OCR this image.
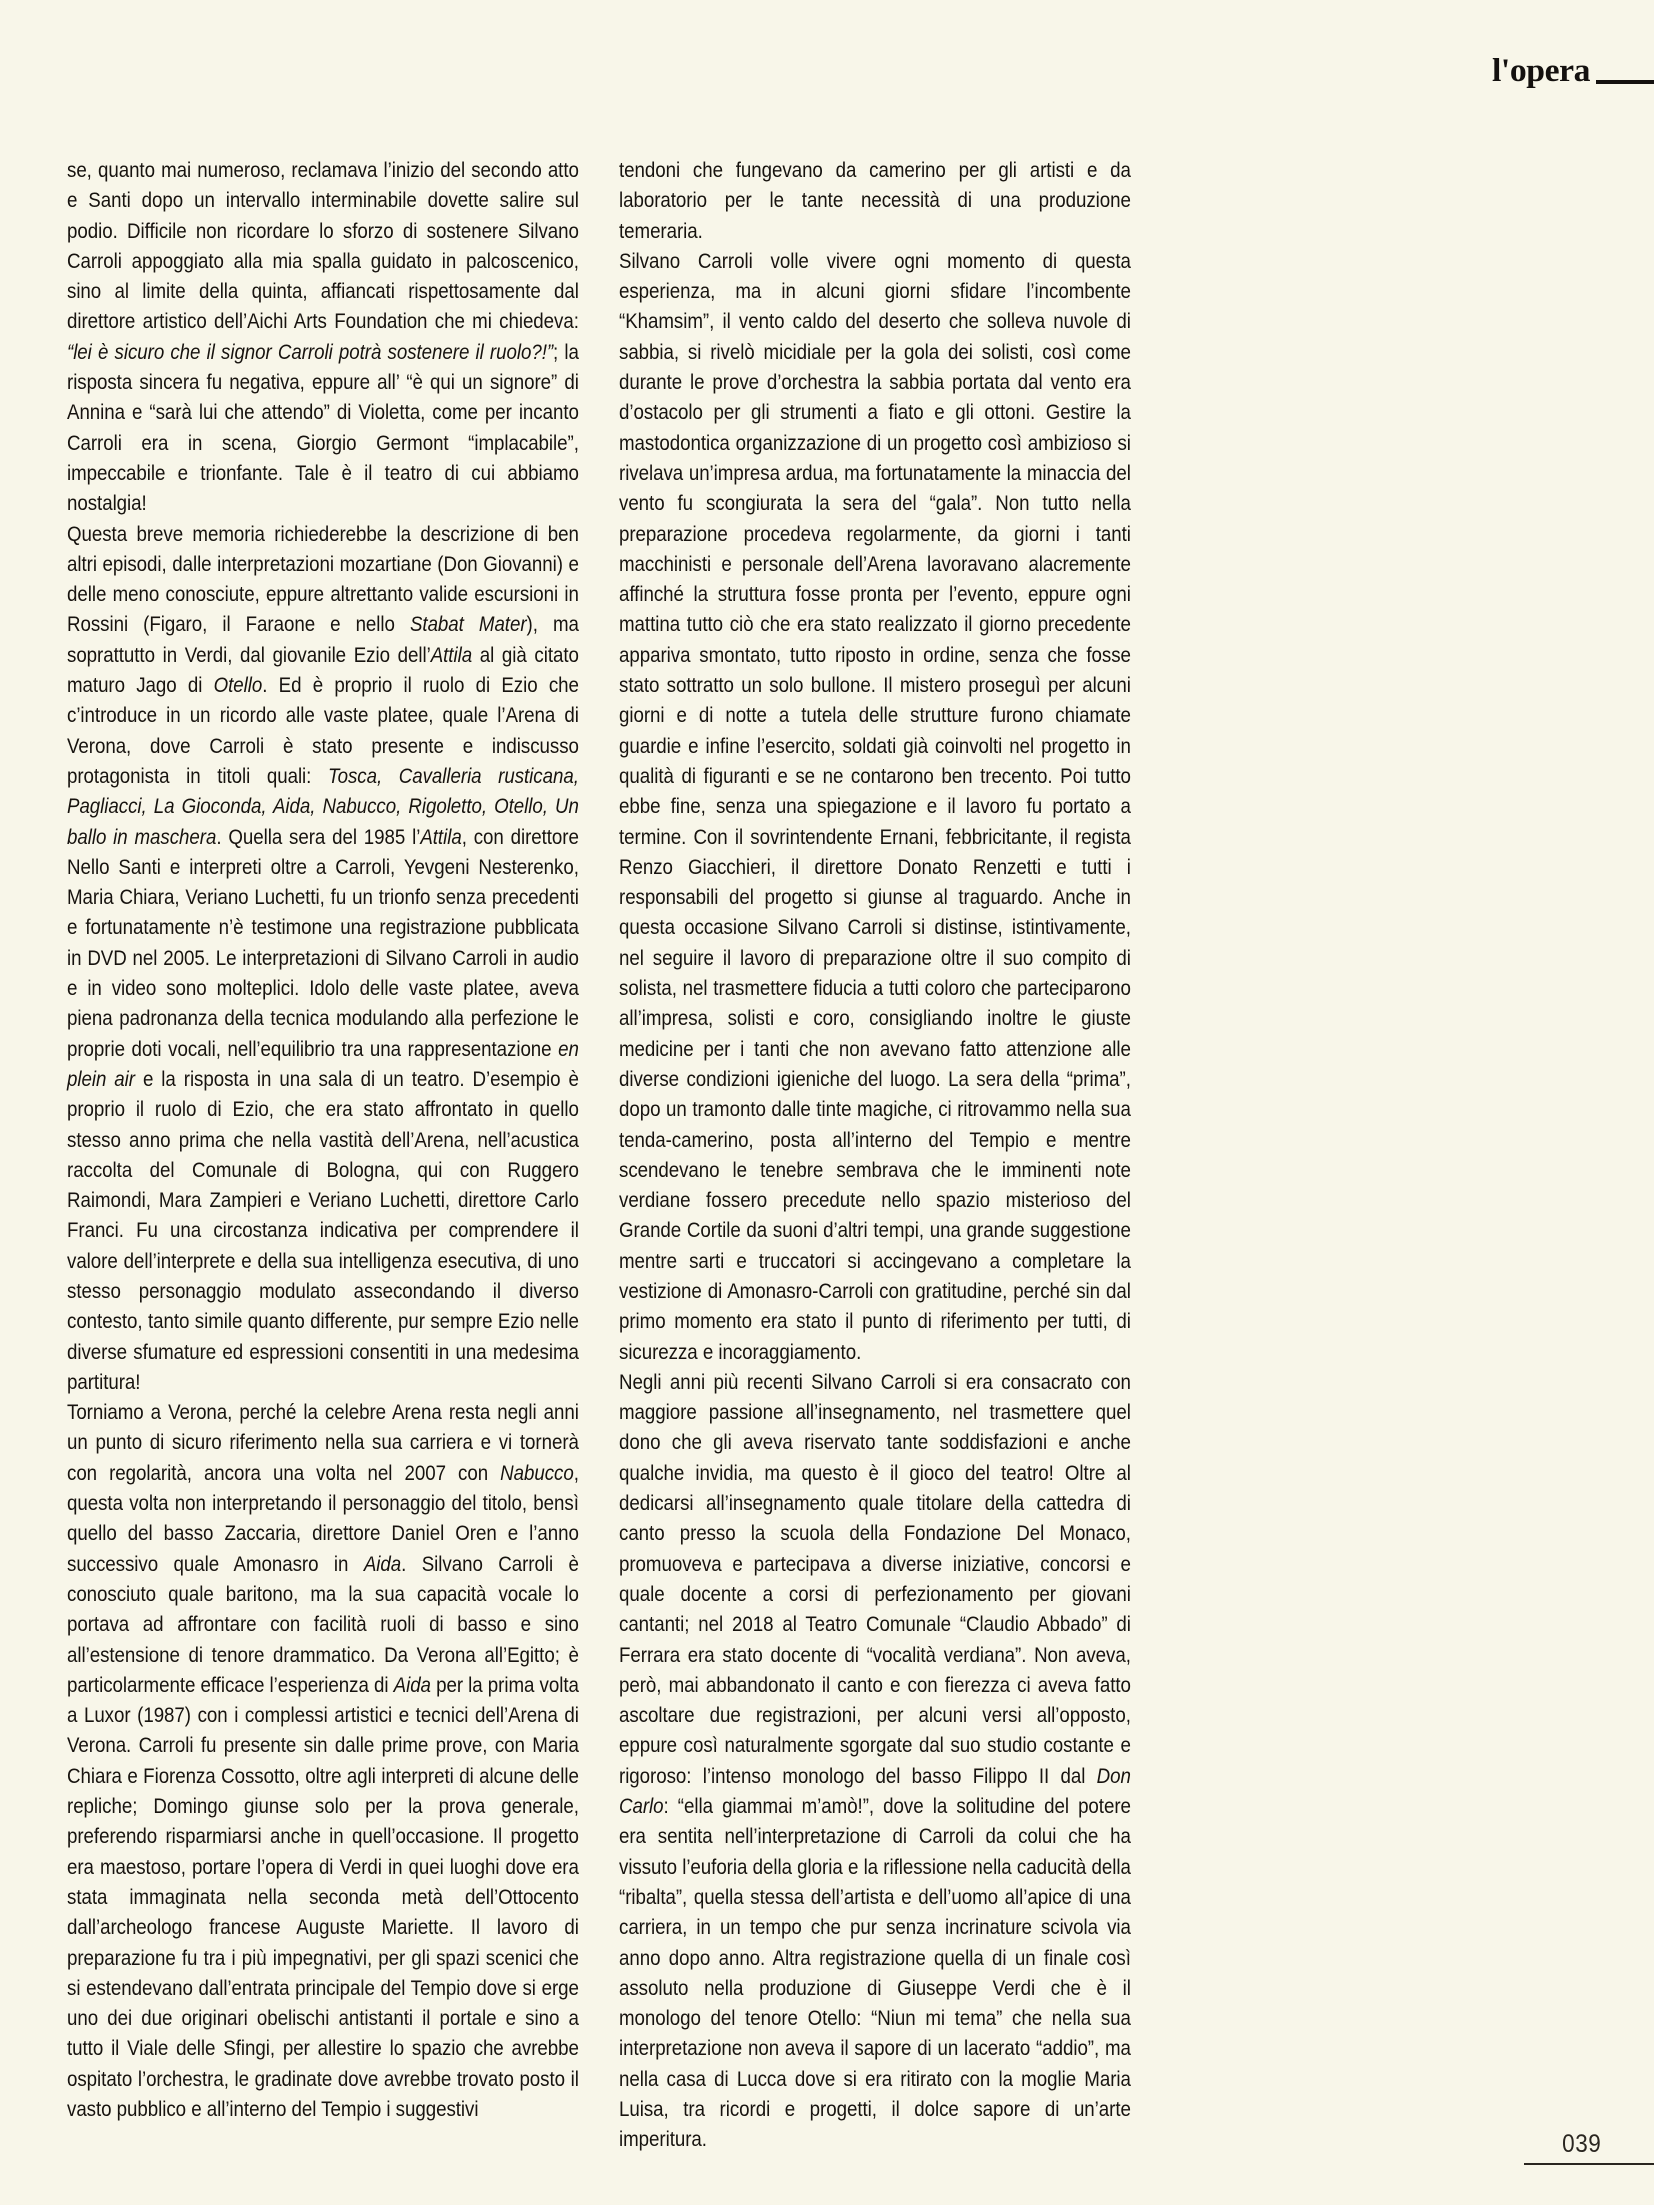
l'opera

se, quanto mai numeroso, reclamava l’inizio del secondo atto e Santi dopo un intervallo interminabile dovette salire sul podio. Difficile non ricordare lo sforzo di sostenere Silvano Carroli appoggiato alla mia spalla guidato in palcoscenico, sino al limite della quinta, affiancati rispettosamente dal direttore artistico dell’Aichi Arts Foundation che mi chiedeva: “lei è sicuro che il signor Carroli potrà sostenere il ruolo?!”; la risposta sincera fu negativa, eppure all’ “è qui un signore” di Annina e “sarà lui che attendo” di Violetta, come per incanto Carroli era in scena, Giorgio Germont “implacabile”, impeccabile e trionfante. Tale è il teatro di cui abbiamo nostalgia!

Questa breve memoria richiederebbe la descrizione di ben altri episodi, dalle interpretazioni mozartiane (Don Giovanni) e delle meno conosciute, eppure altrettanto valide escursioni in Rossini (Figaro, il Faraone e nello Stabat Mater), ma soprattutto in Verdi, dal giovanile Ezio dell’Attila al già citato maturo Jago di Otello. Ed è proprio il ruolo di Ezio che c’introduce in un ricordo alle vaste platee, quale l’Arena di Verona, dove Carroli è stato presente e indiscusso protagonista in titoli quali: Tosca, Cavalleria rusticana, Pagliacci, La Gioconda, Aida, Nabucco, Rigoletto, Otello, Un ballo in maschera. Quella sera del 1985 l’Attila, con direttore Nello Santi e interpreti oltre a Carroli, Yevgeni Nesterenko, Maria Chiara, Veriano Luchetti, fu un trionfo senza precedenti e fortunatamente n’è testimone una registrazione pubblicata in DVD nel 2005. Le interpretazioni di Silvano Carroli in audio e in video sono molteplici. Idolo delle vaste platee, aveva piena padronanza della tecnica modulando alla perfezione le proprie doti vocali, nell’equilibrio tra una rappresentazione en plein air e la risposta in una sala di un teatro. D’esempio è proprio il ruolo di Ezio, che era stato affrontato in quello stesso anno prima che nella vastità dell’Arena, nell’acustica raccolta del Comunale di Bologna, qui con Ruggero Raimondi, Mara Zampieri e Veriano Luchetti, direttore Carlo Franci. Fu una circostanza indicativa per comprendere il valore dell’interprete e della sua intelligenza esecutiva, di uno stesso personaggio modulato assecondando il diverso contesto, tanto simile quanto differente, pur sempre Ezio nelle diverse sfumature ed espressioni consentiti in una medesima partitura!

Torniamo a Verona, perché la celebre Arena resta negli anni un punto di sicuro riferimento nella sua carriera e vi tornerà con regolarità, ancora una volta nel 2007 con Nabucco, questa volta non interpretando il personaggio del titolo, bensì quello del basso Zaccaria, direttore Daniel Oren e l’anno successivo quale Amonasro in Aida. Silvano Carroli è conosciuto quale baritono, ma la sua capacità vocale lo portava ad affrontare con facilità ruoli di basso e sino all’estensione di tenore drammatico. Da Verona all’Egitto; è particolarmente efficace l’esperienza di Aida per la prima volta a Luxor (1987) con i complessi artistici e tecnici dell’Arena di Verona. Carroli fu presente sin dalle prime prove, con Maria Chiara e Fiorenza Cossotto, oltre agli interpreti di alcune delle repliche; Domingo giunse solo per la prova generale, preferendo risparmiarsi anche in quell’occasione. Il progetto era maestoso, portare l’opera di Verdi in quei luoghi dove era stata immaginata nella seconda metà dell’Ottocento dall’archeologo francese Auguste Mariette. Il lavoro di preparazione fu tra i più impegnativi, per gli spazi scenici che si estendevano dall’entrata principale del Tempio dove si erge uno dei due originari obelischi antistanti il portale e sino a tutto il Viale delle Sfingi, per allestire lo spazio che avrebbe ospitato l’orchestra, le gradinate dove avrebbe trovato posto il vasto pubblico e all’interno del Tempio i suggestivi

tendoni che fungevano da camerino per gli artisti e da laboratorio per le tante necessità di una produzione temeraria.

Silvano Carroli volle vivere ogni momento di questa esperienza, ma in alcuni giorni sfidare l’incombente “Khamsim”, il vento caldo del deserto che solleva nuvole di sabbia, si rivelò micidiale per la gola dei solisti, così come durante le prove d’orchestra la sabbia portata dal vento era d’ostacolo per gli strumenti a fiato e gli ottoni. Gestire la mastodontica organizzazione di un progetto così ambizioso si rivelava un’impresa ardua, ma fortunatamente la minaccia del vento fu scongiurata la sera del “gala”. Non tutto nella preparazione procedeva regolarmente, da giorni i tanti macchinisti e personale dell’Arena lavoravano alacremente affinché la struttura fosse pronta per l’evento, eppure ogni mattina tutto ciò che era stato realizzato il giorno precedente appariva smontato, tutto riposto in ordine, senza che fosse stato sottratto un solo bullone. Il mistero proseguì per alcuni giorni e di notte a tutela delle strutture furono chiamate guardie e infine l’esercito, soldati già coinvolti nel progetto in qualità di figuranti e se ne contarono ben trecento. Poi tutto ebbe fine, senza una spiegazione e il lavoro fu portato a termine. Con il sovrintendente Ernani, febbricitante, il regista Renzo Giacchieri, il direttore Donato Renzetti e tutti i responsabili del progetto si giunse al traguardo. Anche in questa occasione Silvano Carroli si distinse, istintivamente, nel seguire il lavoro di preparazione oltre il suo compito di solista, nel trasmettere fiducia a tutti coloro che parteciparono all’impresa, solisti e coro, consigliando inoltre le giuste medicine per i tanti che non avevano fatto attenzione alle diverse condizioni igieniche del luogo. La sera della “prima”, dopo un tramonto dalle tinte magiche, ci ritrovammo nella sua tenda-camerino, posta all’interno del Tempio e mentre scendevano le tenebre sembrava che le imminenti note verdiane fossero precedute nello spazio misterioso del Grande Cortile da suoni d’altri tempi, una grande suggestione mentre sarti e truccatori si accingevano a completare la vestizione di Amonasro-Carroli con gratitudine, perché sin dal primo momento era stato il punto di riferimento per tutti, di sicurezza e incoraggiamento.

Negli anni più recenti Silvano Carroli si era consacrato con maggiore passione all’insegnamento, nel trasmettere quel dono che gli aveva riservato tante soddisfazioni e anche qualche invidia, ma questo è il gioco del teatro! Oltre al dedicarsi all’insegnamento quale titolare della cattedra di canto presso la scuola della Fondazione Del Monaco, promuoveva e partecipava a diverse iniziative, concorsi e quale docente a corsi di perfezionamento per giovani cantanti; nel 2018 al Teatro Comunale “Claudio Abbado” di Ferrara era stato docente di “vocalità verdiana”. Non aveva, però, mai abbandonato il canto e con fierezza ci aveva fatto ascoltare due registrazioni, per alcuni versi all’opposto, eppure così naturalmente sgorgate dal suo studio costante e rigoroso: l’intenso monologo del basso Filippo II dal Don Carlo: “ella giammai m’amò!”, dove la solitudine del potere era sentita nell’interpretazione di Carroli da colui che ha vissuto l’euforia della gloria e la riflessione nella caducità della “ribalta”, quella stessa dell’artista e dell’uomo all’apice di una carriera, in un tempo che pur senza incrinature scivola via anno dopo anno. Altra registrazione quella di un finale così assoluto nella produzione di Giuseppe Verdi che è il monologo del tenore Otello: “Niun mi tema” che nella sua interpretazione non aveva il sapore di un lacerato “addio”, ma nella casa di Lucca dove si era ritirato con la moglie Maria Luisa, tra ricordi e progetti, il dolce sapore di un’arte imperitura.	039
